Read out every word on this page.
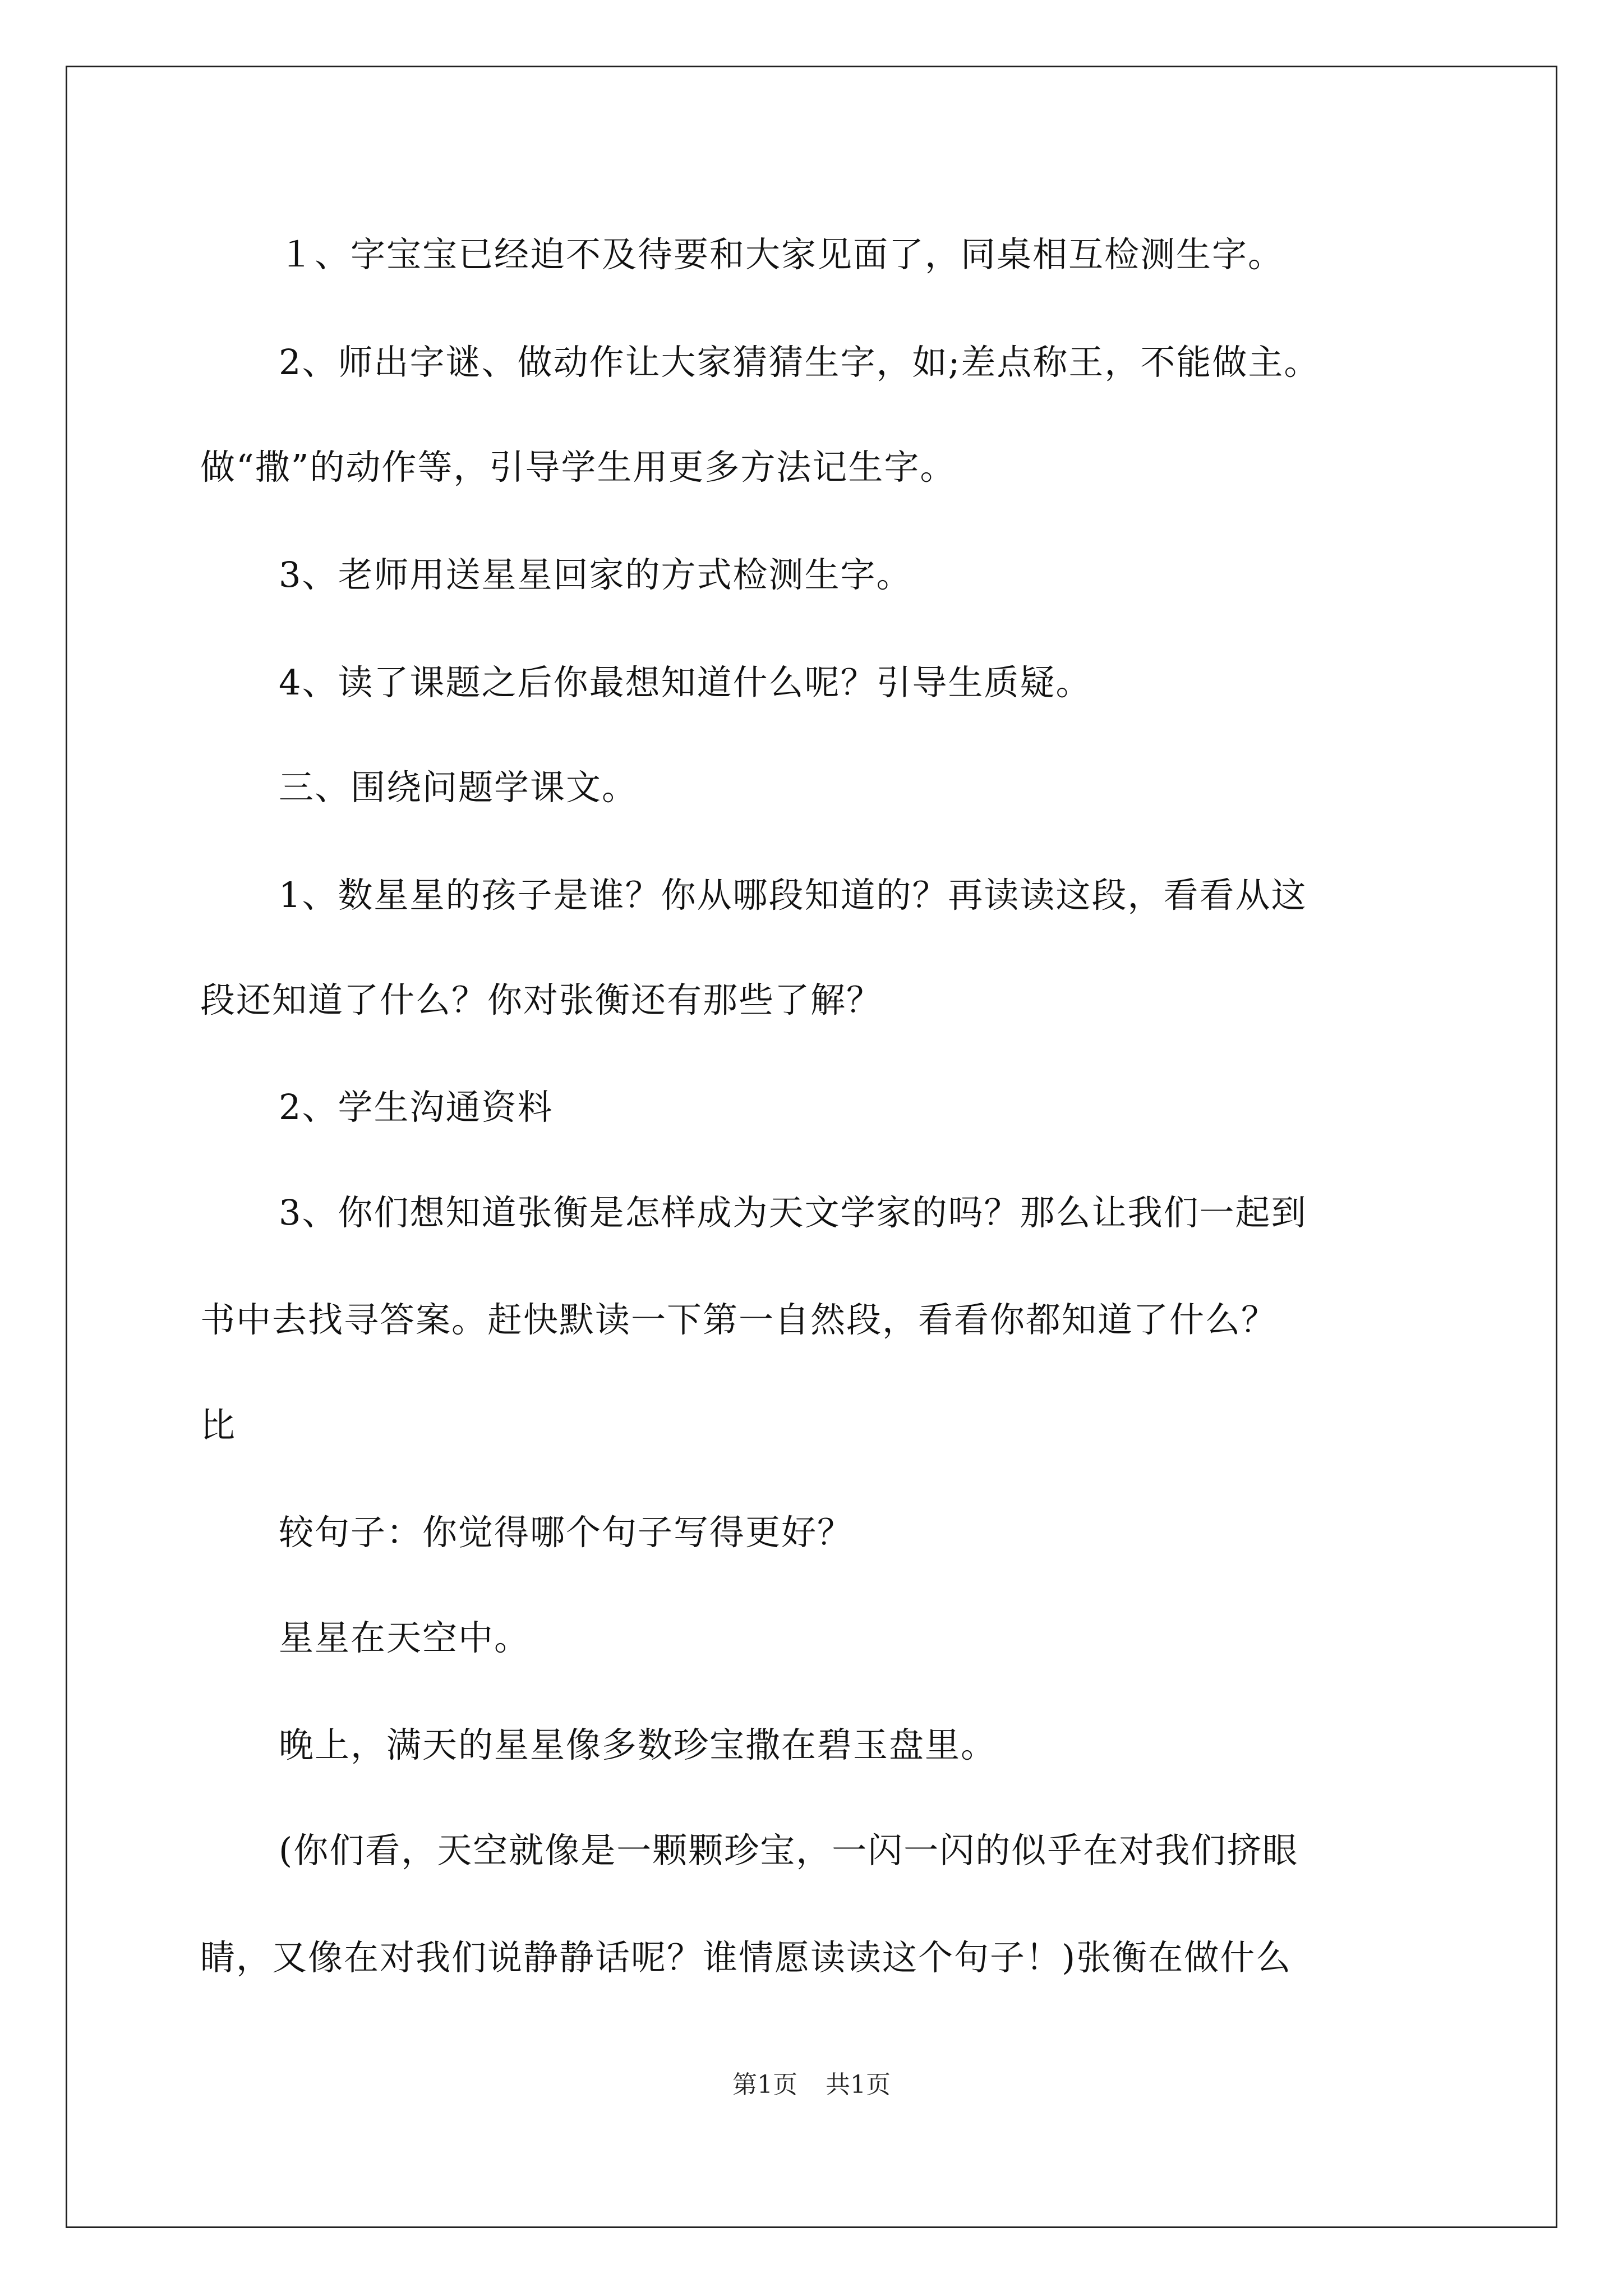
１、字宝宝已经迫不及待要和大家见面了，同桌相互检测生字。
2、师出字谜、做动作让大家猜猜生字，如;差点称王，不能做主。
做“撒”的动作等，引导学生用更多方法记生字。
3、老师用送星星回家的方式检测生字。
4、读了课题之后你最想知道什么呢？引导生质疑。
三、围绕问题学课文。
1、数星星的孩子是谁？你从哪段知道的？再读读这段，看看从这
段还知道了什么？你对张衡还有那些了解？
2、学生沟通资料
3、你们想知道张衡是怎样成为天文学家的吗？那么让我们一起到
书中去找寻答案。赶快默读一下第一自然段，看看你都知道了什么？
比
较句子：你觉得哪个句子写得更好？
星星在天空中。
晚上，满天的星星像多数珍宝撒在碧玉盘里。
(你们看，天空就像是一颗颗珍宝，一闪一闪的似乎在对我们挤眼
睛，又像在对我们说静静话呢？谁情愿读读这个句子！)张衡在做什么
第1页 共1页
